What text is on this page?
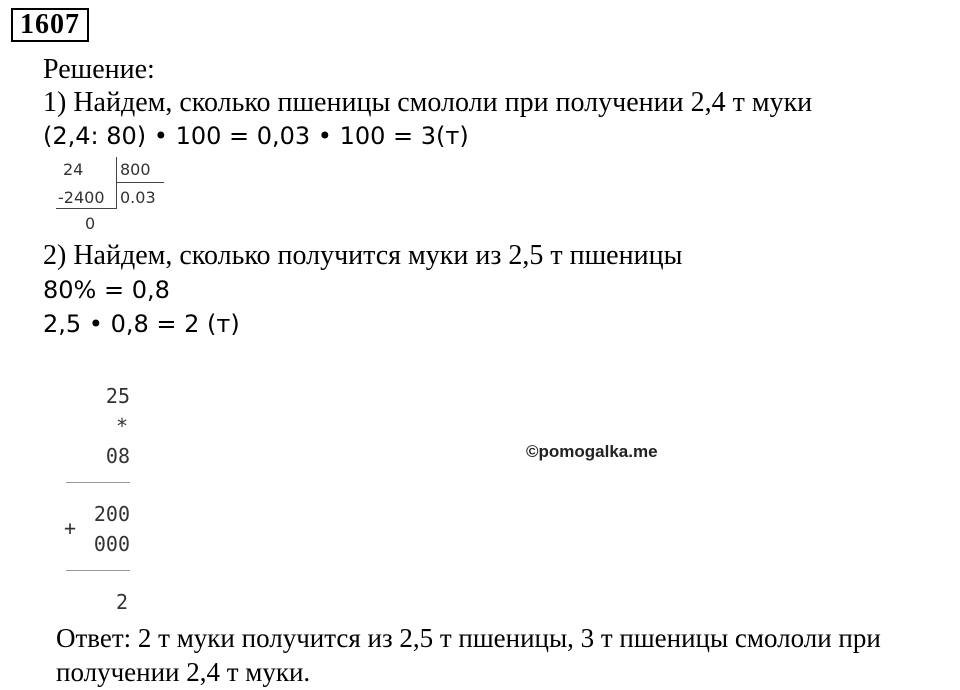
1607
Решение:
1) Найдем, сколько пшеницы смололи при получении 2,4 т муки
(2,4: 80) • 100 = 0,03 • 100 = 3(т)
24 800
-2400 0.03
0
2) Найдем, сколько получится муки из 2,5 т пшеницы
80% = 0,8
2,5 • 0,8 = 2 (т)
25
*
08
200
+
000
2
©pomogalka.me
Ответ: 2 т муки получится из 2,5 т пшеницы, 3 т пшеницы смололи при
получении 2,4 т муки.
